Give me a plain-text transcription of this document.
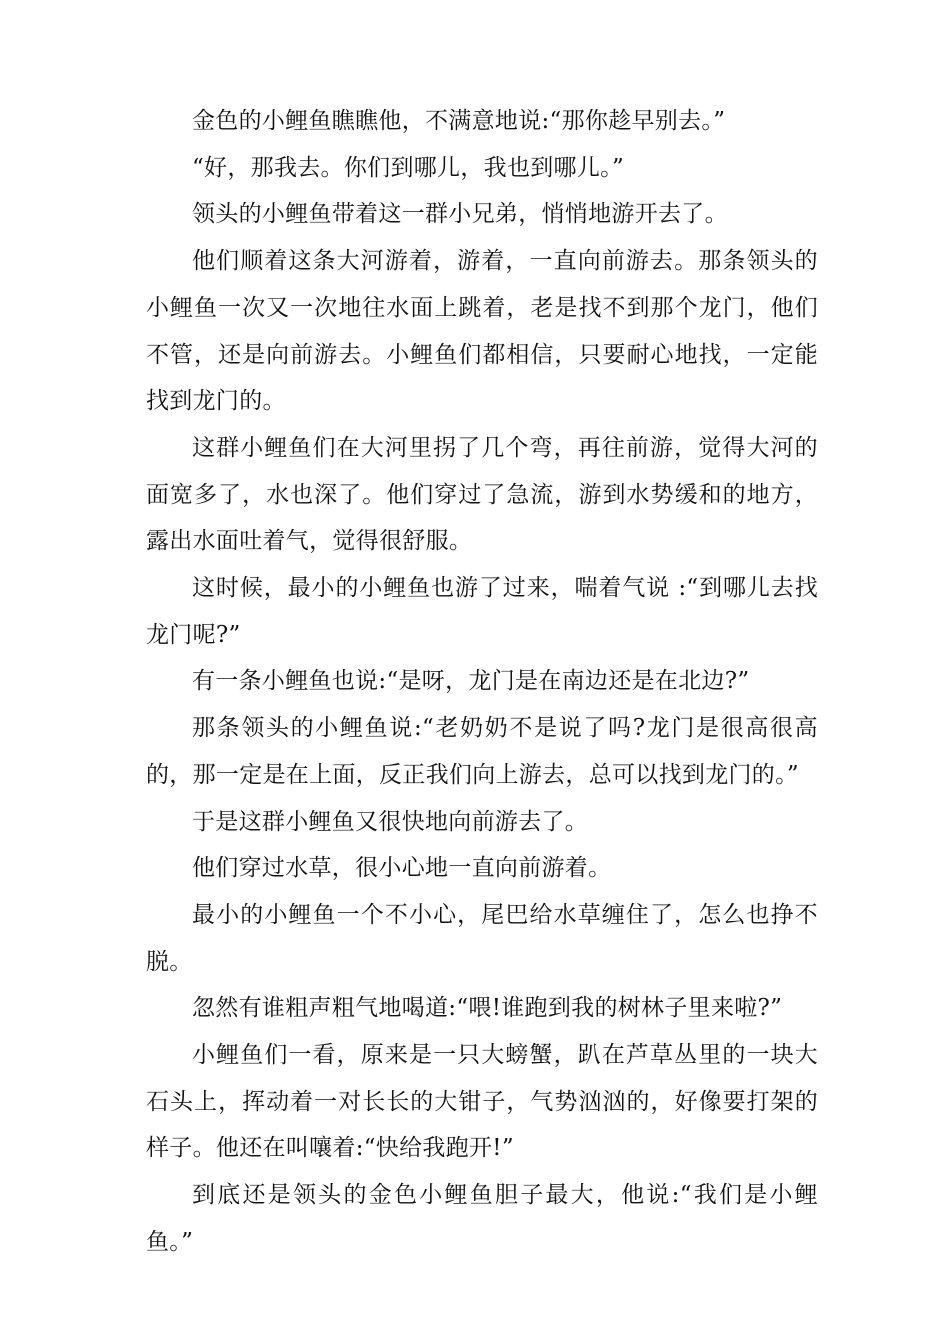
金色的小鲤鱼瞧瞧他，不满意地说:“那你趁早别去。”

“好，那我去。你们到哪儿，我也到哪儿。”

领头的小鲤鱼带着这一群小兄弟，悄悄地游开去了。

他们顺着这条大河游着，游着，一直向前游去。那条领头的小鲤鱼一次又一次地往水面上跳着，老是找不到那个龙门，他们不管，还是向前游去。小鲤鱼们都相信，只要耐心地找，一定能找到龙门的。

这群小鲤鱼们在大河里拐了几个弯，再往前游，觉得大河的面宽多了，水也深了。他们穿过了急流，游到水势缓和的地方，露出水面吐着气，觉得很舒服。

这时候，最小的小鲤鱼也游了过来，喘着气说 :“到哪儿去找龙门呢?”

有一条小鲤鱼也说:“是呀，龙门是在南边还是在北边?”

那条领头的小鲤鱼说:“老奶奶不是说了吗?龙门是很高很高的，那一定是在上面，反正我们向上游去，总可以找到龙门的。”

于是这群小鲤鱼又很快地向前游去了。

他们穿过水草，很小心地一直向前游着。

最小的小鲤鱼一个不小心，尾巴给水草缠住了，怎么也挣不脱。

忽然有谁粗声粗气地喝道:“喂!谁跑到我的树林子里来啦?”

小鲤鱼们一看，原来是一只大螃蟹，趴在芦草丛里的一块大石头上，挥动着一对长长的大钳子，气势汹汹的，好像要打架的样子。他还在叫嚷着:“快给我跑开!”

到底还是领头的金色小鲤鱼胆子最大，他说:“我们是小鲤鱼。”
